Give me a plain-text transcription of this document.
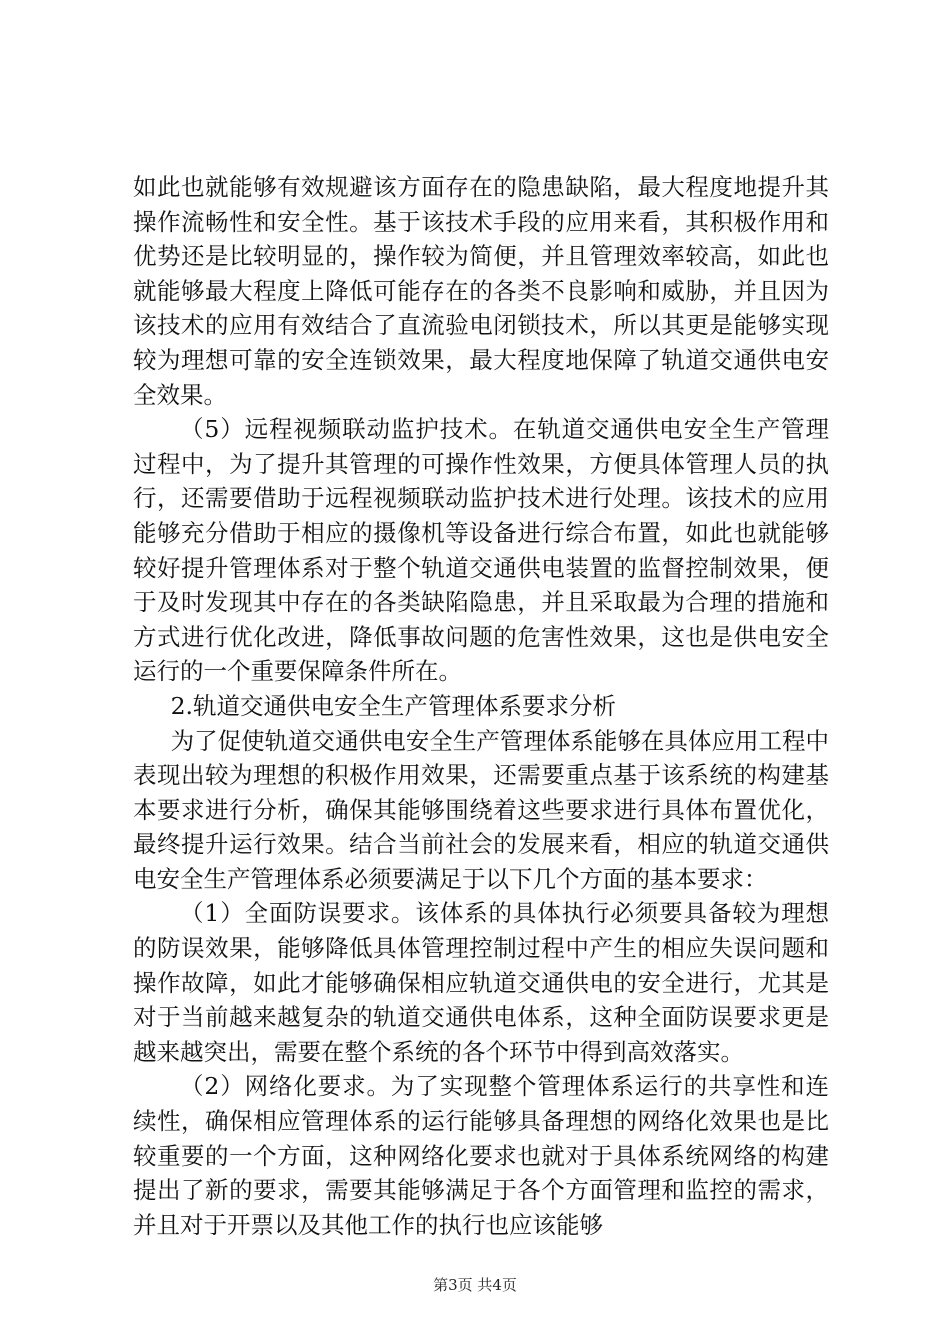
如此也就能够有效规避该方面存在的隐患缺陷，最大程度地提升其操作流畅性和安全性。基于该技术手段的应用来看，其积极作用和优势还是比较明显的，操作较为简便，并且管理效率较高，如此也就能够最大程度上降低可能存在的各类不良影响和威胁，并且因为该技术的应用有效结合了直流验电闭锁技术，所以其更是能够实现较为理想可靠的安全连锁效果，最大程度地保障了轨道交通供电安全效果。

（5）远程视频联动监护技术。在轨道交通供电安全生产管理过程中，为了提升其管理的可操作性效果，方便具体管理人员的执行，还需要借助于远程视频联动监护技术进行处理。该技术的应用能够充分借助于相应的摄像机等设备进行综合布置，如此也就能够较好提升管理体系对于整个轨道交通供电装置的监督控制效果，便于及时发现其中存在的各类缺陷隐患，并且采取最为合理的措施和方式进行优化改进，降低事故问题的危害性效果，这也是供电安全运行的一个重要保障条件所在。

2.轨道交通供电安全生产管理体系要求分析

为了促使轨道交通供电安全生产管理体系能够在具体应用工程中表现出较为理想的积极作用效果，还需要重点基于该系统的构建基本要求进行分析，确保其能够围绕着这些要求进行具体布置优化，最终提升运行效果。结合当前社会的发展来看，相应的轨道交通供电安全生产管理体系必须要满足于以下几个方面的基本要求：

（1）全面防误要求。该体系的具体执行必须要具备较为理想的防误效果，能够降低具体管理控制过程中产生的相应失误问题和操作故障，如此才能够确保相应轨道交通供电的安全进行，尤其是对于当前越来越复杂的轨道交通供电体系，这种全面防误要求更是越来越突出，需要在整个系统的各个环节中得到高效落实。

（2）网络化要求。为了实现整个管理体系运行的共享性和连续性，确保相应管理体系的运行能够具备理想的网络化效果也是比较重要的一个方面，这种网络化要求也就对于具体系统网络的构建提出了新的要求，需要其能够满足于各个方面管理和监控的需求，并且对于开票以及其他工作的执行也应该能够

第3页 共4页
